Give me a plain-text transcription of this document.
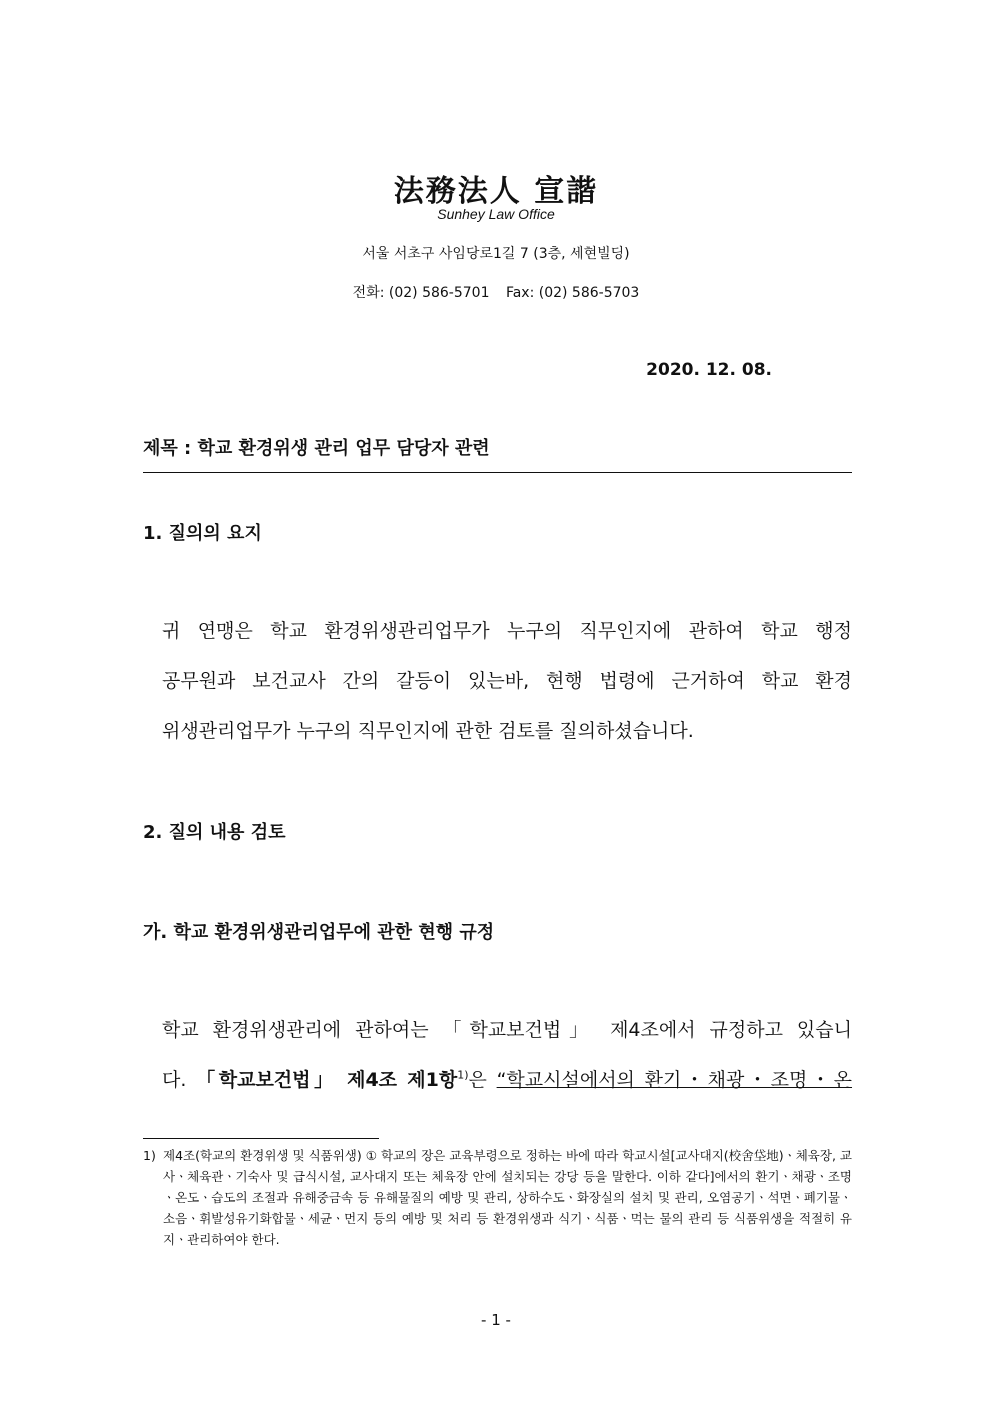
法務法人 宣諧
Sunhey Law Office
서울 서초구 사임당로1길 7 (3층, 세현빌딩)
전화: (02) 586-5701 Fax: (02) 586-5703
2020. 12. 08.
제목 : 학교 환경위생 관리 업무 담당자 관련
1. 질의의 요지
귀 연맹은 학교 환경위생관리업무가 누구의 직무인지에 관하여 학교 행정
공무원과 보건교사 간의 갈등이 있는바, 현행 법령에 근거하여 학교 환경
위생관리업무가 누구의 직무인지에 관한 검토를 질의하셨습니다.
2. 질의 내용 검토
가. 학교 환경위생관리업무에 관한 현행 규정
학교 환경위생관리에 관하여는 「학교보건법」 제4조에서 규정하고 있습니
다. 「학교보건법」 제4조 제1항$^{1)}$은 “학교시설에서의 환기・채광・조명・온
1) 제4조(학교의 환경위생 및 식품위생) ① 학교의 장은 교육부령으로 정하는 바에 따라 학교시설[교사대지(校舍垈地)ㆍ체육장, 교사ㆍ체육관ㆍ기숙사 및 급식시설, 교사대지 또는 체육장 안에 설치되는 강당 등을 말한다. 이하 같다]에서의 환기ㆍ채광ㆍ조명ㆍ온도ㆍ습도의 조절과 유해중금속 등 유해물질의 예방 및 관리, 상하수도ㆍ화장실의 설치 및 관리, 오염공기ㆍ석면ㆍ폐기물ㆍ소음ㆍ휘발성유기화합물ㆍ세균ㆍ먼지 등의 예방 및 처리 등 환경위생과 식기ㆍ식품ㆍ먹는 물의 관리 등 식품위생을 적절히 유지ㆍ관리하여야 한다.
- 1 -
